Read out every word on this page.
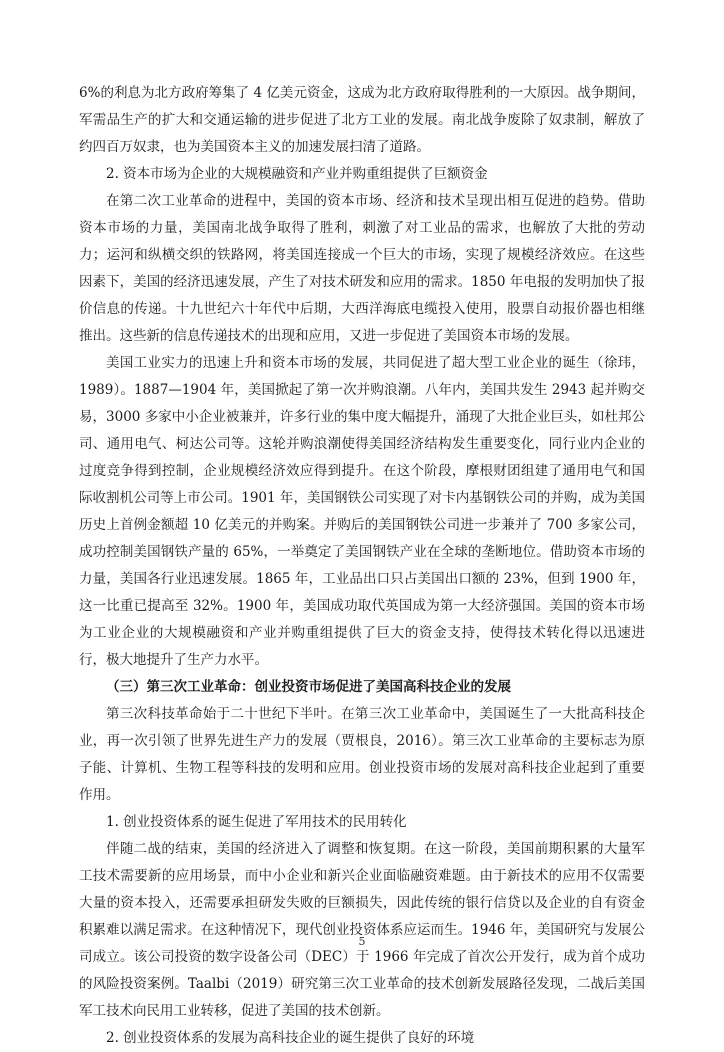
6%的利息为北方政府筹集了 4 亿美元资金，这成为北方政府取得胜利的一大原因。战争期间，军需品生产的扩大和交通运输的进步促进了北方工业的发展。南北战争废除了奴隶制，解放了约四百万奴隶，也为美国资本主义的加速发展扫清了道路。

2. 资本市场为企业的大规模融资和产业并购重组提供了巨额资金

在第二次工业革命的进程中，美国的资本市场、经济和技术呈现出相互促进的趋势。借助资本市场的力量，美国南北战争取得了胜利，刺激了对工业品的需求，也解放了大批的劳动力；运河和纵横交织的铁路网，将美国连接成一个巨大的市场，实现了规模经济效应。在这些因素下，美国的经济迅速发展，产生了对技术研发和应用的需求。1850 年电报的发明加快了报价信息的传递。十九世纪六十年代中后期，大西洋海底电缆投入使用，股票自动报价器也相继推出。这些新的信息传递技术的出现和应用，又进一步促进了美国资本市场的发展。

美国工业实力的迅速上升和资本市场的发展，共同促进了超大型工业企业的诞生（徐玮，1989）。1887—1904 年，美国掀起了第一次并购浪潮。八年内，美国共发生 2943 起并购交易，3000 多家中小企业被兼并，许多行业的集中度大幅提升，涌现了大批企业巨头，如杜邦公司、通用电气、柯达公司等。这轮并购浪潮使得美国经济结构发生重要变化，同行业内企业的过度竞争得到控制，企业规模经济效应得到提升。在这个阶段，摩根财团组建了通用电气和国际收割机公司等上市公司。1901 年，美国钢铁公司实现了对卡内基钢铁公司的并购，成为美国历史上首例金额超 10 亿美元的并购案。并购后的美国钢铁公司进一步兼并了 700 多家公司，成功控制美国钢铁产量的 65%，一举奠定了美国钢铁产业在全球的垄断地位。借助资本市场的力量，美国各行业迅速发展。1865 年，工业品出口只占美国出口额的 23%，但到 1900 年，这一比重已提高至 32%。1900 年，美国成功取代英国成为第一大经济强国。美国的资本市场为工业企业的大规模融资和产业并购重组提供了巨大的资金支持，使得技术转化得以迅速进行，极大地提升了生产力水平。

（三）第三次工业革命：创业投资市场促进了美国高科技企业的发展

第三次科技革命始于二十世纪下半叶。在第三次工业革命中，美国诞生了一大批高科技企业，再一次引领了世界先进生产力的发展（贾根良，2016）。第三次工业革命的主要标志为原子能、计算机、生物工程等科技的发明和应用。创业投资市场的发展对高科技企业起到了重要作用。

1. 创业投资体系的诞生促进了军用技术的民用转化

伴随二战的结束，美国的经济进入了调整和恢复期。在这一阶段，美国前期积累的大量军工技术需要新的应用场景，而中小企业和新兴企业面临融资难题。由于新技术的应用不仅需要大量的资本投入，还需要承担研发失败的巨额损失，因此传统的银行信贷以及企业的自有资金积累难以满足需求。在这种情况下，现代创业投资体系应运而生。1946 年，美国研究与发展公司成立。该公司投资的数字设备公司（DEC）于 1966 年完成了首次公开发行，成为首个成功的风险投资案例。Taalbi（2019）研究第三次工业革命的技术创新发展路径发现，二战后美国军工技术向民用工业转移，促进了美国的技术创新。

2. 创业投资体系的发展为高科技企业的诞生提供了良好的环境

5
